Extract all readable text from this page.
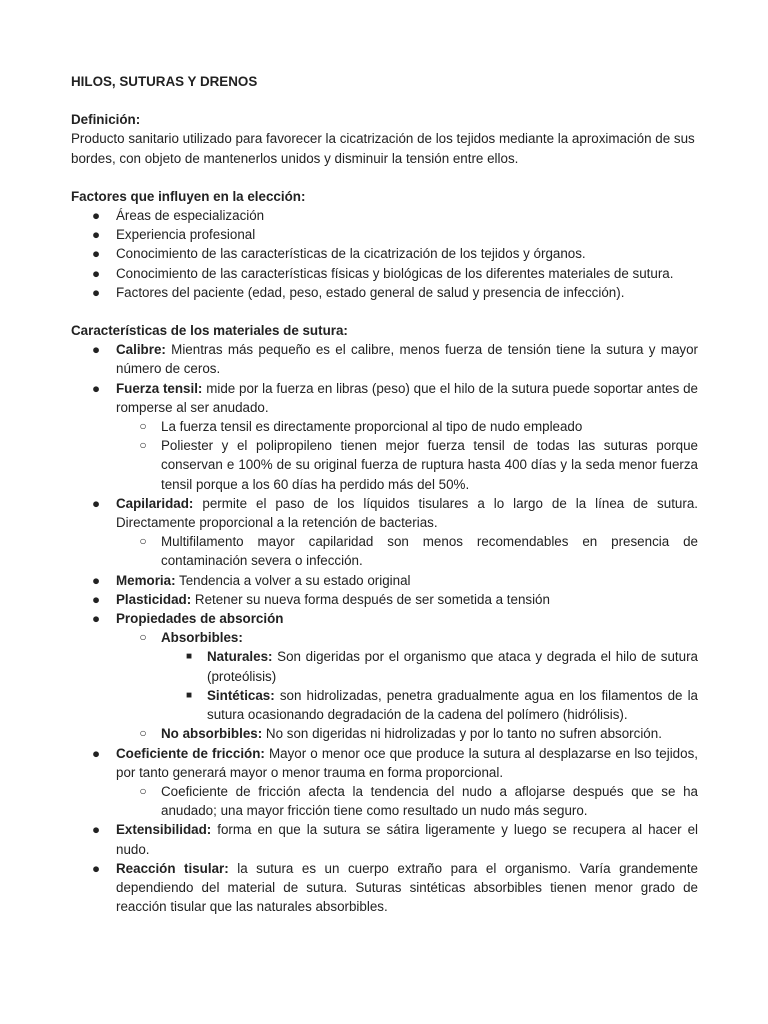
HILOS, SUTURAS Y DRENOS

Definición:

Producto sanitario utilizado para favorecer la cicatrización de los tejidos mediante la aproximación de sus bordes, con objeto de mantenerlos unidos y disminuir la tensión entre ellos.

Factores que influyen en la elección:

● Áreas de especialización
● Experiencia profesional
● Conocimiento de las características de la cicatrización de los tejidos y órganos.
● Conocimiento de las características físicas y biológicas de los diferentes materiales de sutura.
● Factores del paciente (edad, peso, estado general de salud y presencia de infección).

Características de los materiales de sutura:

● Calibre: Mientras más pequeño es el calibre, menos fuerza de tensión tiene la sutura y mayor número de ceros.
● Fuerza tensil: mide por la fuerza en libras (peso) que el hilo de la sutura puede soportar antes de romperse al ser anudado.
○ La fuerza tensil es directamente proporcional al tipo de nudo empleado
○ Poliester y el polipropileno tienen mejor fuerza tensil de todas las suturas porque conservan e 100% de su original fuerza de ruptura hasta 400 días y la seda menor fuerza tensil porque a los 60 días ha perdido más del 50%.
● Capilaridad: permite el paso de los líquidos tisulares a lo largo de la línea de sutura. Directamente proporcional a la retención de bacterias.
○ Multifilamento mayor capilaridad son menos recomendables en presencia de contaminación severa o infección.
● Memoria: Tendencia a volver a su estado original
● Plasticidad: Retener su nueva forma después de ser sometida a tensión
● Propiedades de absorción
○ Absorbibles:
■ Naturales: Son digeridas por el organismo que ataca y degrada el hilo de sutura (proteólisis)
■ Sintéticas: son hidrolizadas, penetra gradualmente agua en los filamentos de la sutura ocasionando degradación de la cadena del polímero (hidrólisis).
○ No absorbibles: No son digeridas ni hidrolizadas y por lo tanto no sufren absorción.
● Coeficiente de fricción: Mayor o menor oce que produce la sutura al desplazarse en lso tejidos, por tanto generará mayor o menor trauma en forma proporcional.
○ Coeficiente de fricción afecta la tendencia del nudo a aflojarse después que se ha anudado; una mayor fricción tiene como resultado un nudo más seguro.
● Extensibilidad: forma en que la sutura se sátira ligeramente y luego se recupera al hacer el nudo.
● Reacción tisular: la sutura es un cuerpo extraño para el organismo. Varía grandemente dependiendo del material de sutura. Suturas sintéticas absorbibles tienen menor grado de reacción tisular que las naturales absorbibles.
